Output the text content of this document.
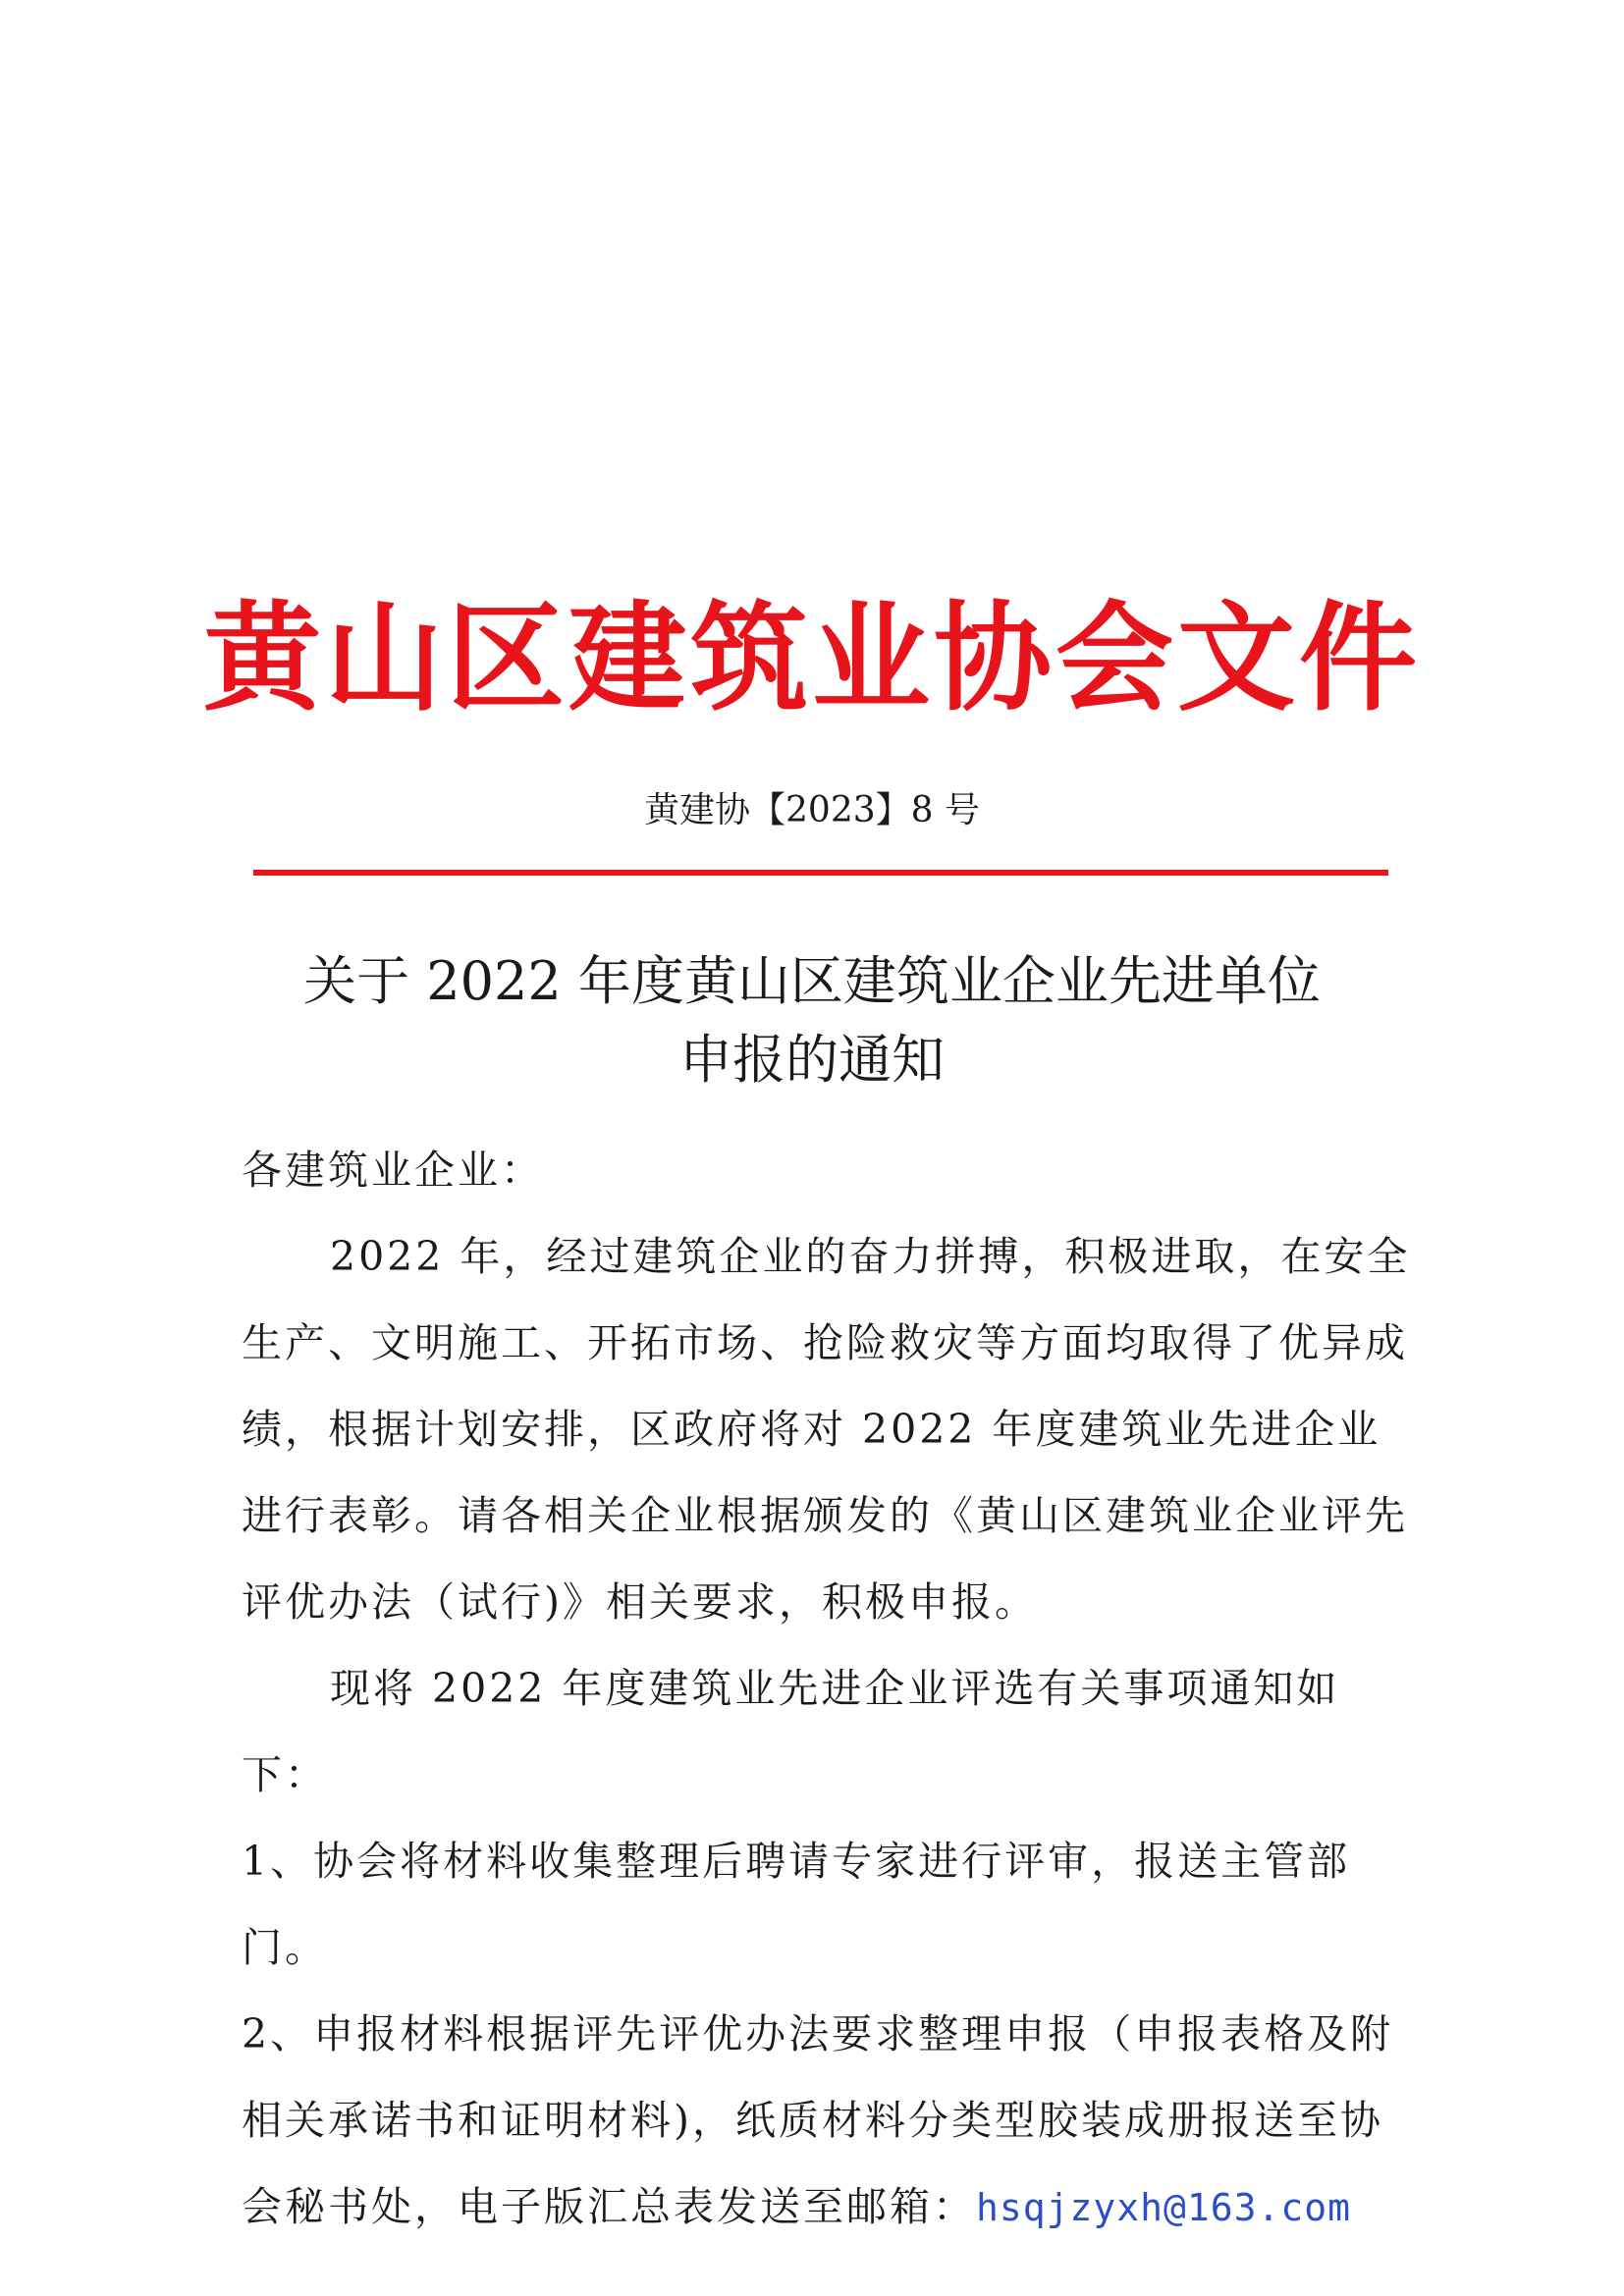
黄山区建筑业协会文件
黄建协【2023】8 号
关于 2022 年度黄山区建筑业企业先进单位
申报的通知

各建筑业企业：

2022 年，经过建筑企业的奋力拼搏，积极进取，在安全生产、文明施工、开拓市场、抢险救灾等方面均取得了优异成绩，根据计划安排，区政府将对 2022 年度建筑业先进企业进行表彰。请各相关企业根据颁发的《黄山区建筑业企业评先评优办法（试行)》相关要求，积极申报。

现将 2022 年度建筑业先进企业评选有关事项通知如下：

1、协会将材料收集整理后聘请专家进行评审，报送主管部门。

2、申报材料根据评先评优办法要求整理申报（申报表格及附相关承诺书和证明材料)，纸质材料分类型胶装成册报送至协会秘书处，电子版汇总表发送至邮箱：hsqjzyxh@163.com
